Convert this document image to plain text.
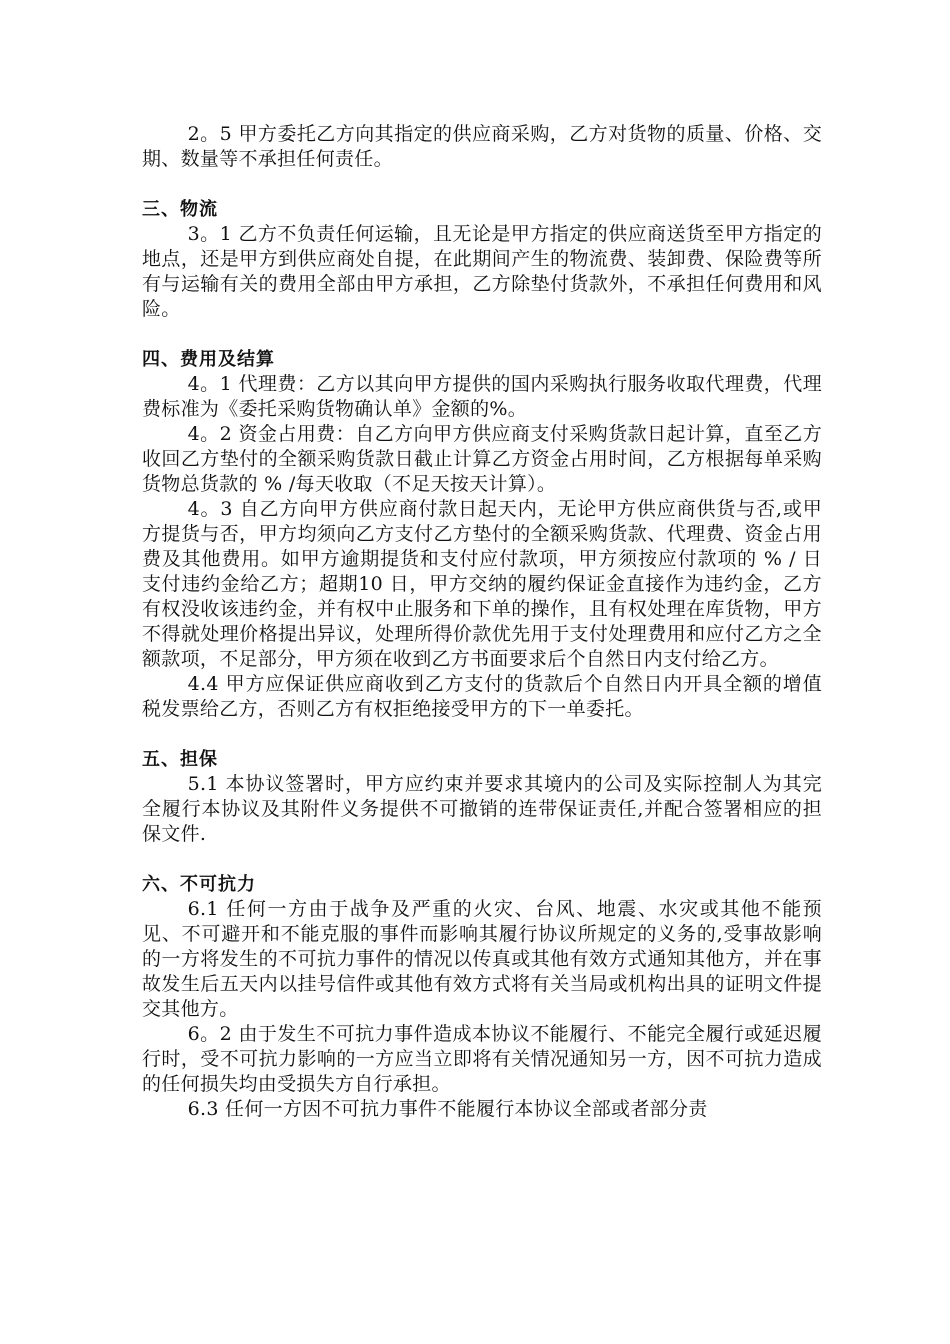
2。5 甲方委托乙方向其指定的供应商采购，乙方对货物的质量、价格、交期、数量等不承担任何责任。

三、物流

3。1 乙方不负责任何运输，且无论是甲方指定的供应商送货至甲方指定的地点，还是甲方到供应商处自提，在此期间产生的物流费、装卸费、保险费等所有与运输有关的费用全部由甲方承担，乙方除垫付货款外，不承担任何费用和风险。

四、费用及结算

4。1 代理费：乙方以其向甲方提供的国内采购执行服务收取代理费，代理费标准为《委托采购货物确认单》金额的%。

4。2 资金占用费：自乙方向甲方供应商支付采购货款日起计算，直至乙方收回乙方垫付的全额采购货款日截止计算乙方资金占用时间，乙方根据每单采购货物总货款的 % /每天收取（不足天按天计算）。

4。3 自乙方向甲方供应商付款日起天内，无论甲方供应商供货与否,或甲方提货与否，甲方均须向乙方支付乙方垫付的全额采购货款、代理费、资金占用费及其他费用。如甲方逾期提货和支付应付款项，甲方须按应付款项的 % / 日支付违约金给乙方；超期10 日，甲方交纳的履约保证金直接作为违约金，乙方有权没收该违约金，并有权中止服务和下单的操作，且有权处理在库货物，甲方不得就处理价格提出异议，处理所得价款优先用于支付处理费用和应付乙方之全额款项，不足部分，甲方须在收到乙方书面要求后个自然日内支付给乙方。

4.4 甲方应保证供应商收到乙方支付的货款后个自然日内开具全额的增值税发票给乙方，否则乙方有权拒绝接受甲方的下一单委托。

五、担保

5.1 本协议签署时，甲方应约束并要求其境内的公司及实际控制人为其完全履行本协议及其附件义务提供不可撤销的连带保证责任,并配合签署相应的担保文件.

六、不可抗力

6.1 任何一方由于战争及严重的火灾、台风、地震、水灾或其他不能预见、不可避开和不能克服的事件而影响其履行协议所规定的义务的,受事故影响的一方将发生的不可抗力事件的情况以传真或其他有效方式通知其他方，并在事故发生后五天内以挂号信件或其他有效方式将有关当局或机构出具的证明文件提交其他方。

6。2 由于发生不可抗力事件造成本协议不能履行、不能完全履行或延迟履行时，受不可抗力影响的一方应当立即将有关情况通知另一方，因不可抗力造成的任何损失均由受损失方自行承担。

6.3 任何一方因不可抗力事件不能履行本协议全部或者部分责
